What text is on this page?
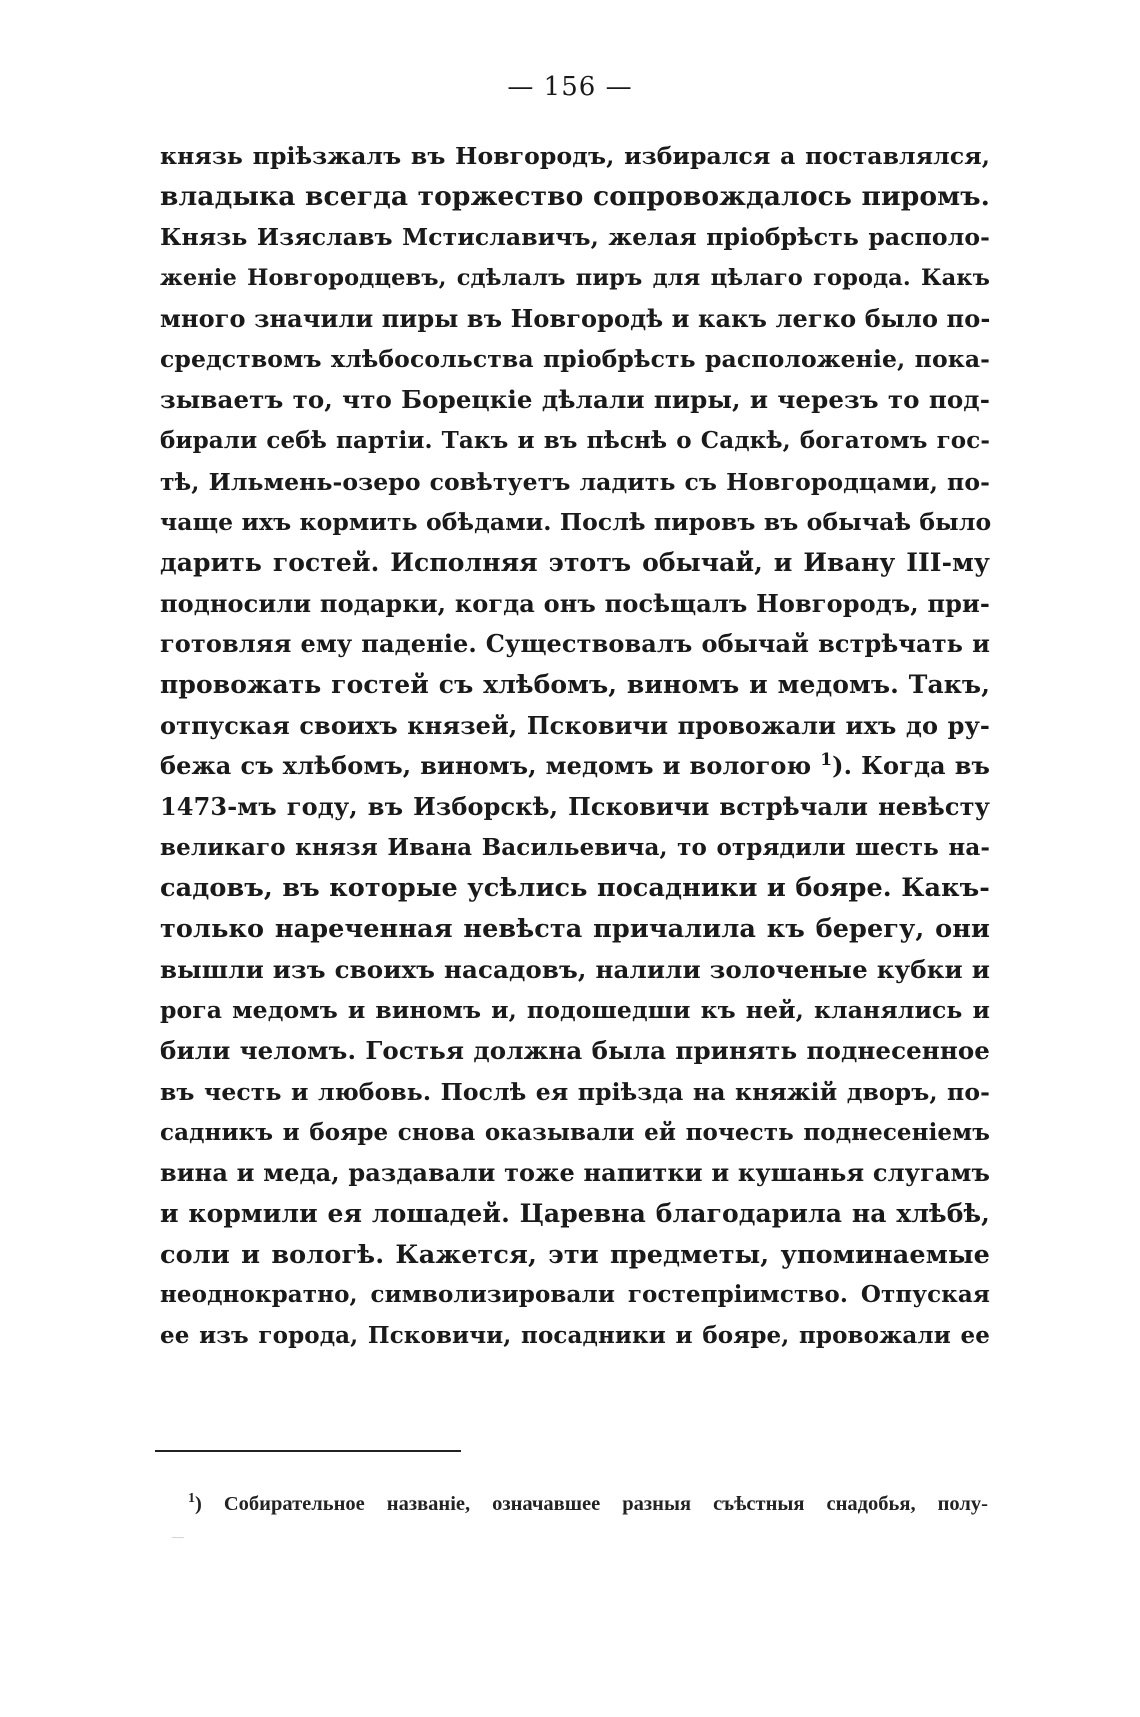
— 156 —
князь пріѣзжалъ въ Новгородъ, избирался а поставлялся,
владыка всегда торжество сопровождалось пиромъ.
Князь Изяславъ Мстиславичъ, желая пріобрѣсть располо-
женіе Новгородцевъ, сдѣлалъ пиръ для цѣлаго города. Какъ
много значили пиры въ Новгородѣ и какъ легко было по-
средствомъ хлѣбосольства пріобрѣсть расположеніе, пока-
зываетъ то, что Борецкіе дѣлали пиры, и черезъ то под-
бирали себѣ партіи. Такъ и въ пѣснѣ о Садкѣ, богатомъ гос-
тѣ, Ильмень-озеро совѣтуетъ ладить съ Новгородцами, по-
чаще ихъ кормить обѣдами. Послѣ пировъ въ обычаѣ было
дарить гостей. Исполняя этотъ обычай, и Ивану III-му
подносили подарки, когда онъ посѣщалъ Новгородъ, при-
готовляя ему паденіе. Существовалъ обычай встрѣчать и
провожать гостей съ хлѣбомъ, виномъ и медомъ. Такъ,
отпуская своихъ князей, Псковичи провожали ихъ до ру-
бежа съ хлѣбомъ, виномъ, медомъ и вологою $^1$). Когда въ
1473-мъ году, въ Изборскѣ, Псковичи встрѣчали невѣсту
великаго князя Ивана Васильевича, то отрядили шесть на-
садовъ, въ которые усѣлись посадники и бояре. Какъ-
только нареченная невѣста причалила къ берегу, они
вышли изъ своихъ насадовъ, налили золоченые кубки и
рога медомъ и виномъ и, подошедши къ ней, кланялись и
били челомъ. Гостья должна была принять поднесенное
въ честь и любовь. Послѣ ея пріѣзда на княжій дворъ, по-
садникъ и бояре снова оказывали ей почесть поднесеніемъ
вина и меда, раздавали тоже напитки и кушанья слугамъ
и кормили ея лошадей. Царевна благодарила на хлѣбѣ,
соли и вологѣ. Кажется, эти предметы, упоминаемые
неоднократно, символизировали гостепріимство. Отпуская
ее изъ города, Псковичи, посадники и бояре, провожали ее
$^1$) Собирательное названіе, означавшее разныя съѣстныя снадобья, полу-
